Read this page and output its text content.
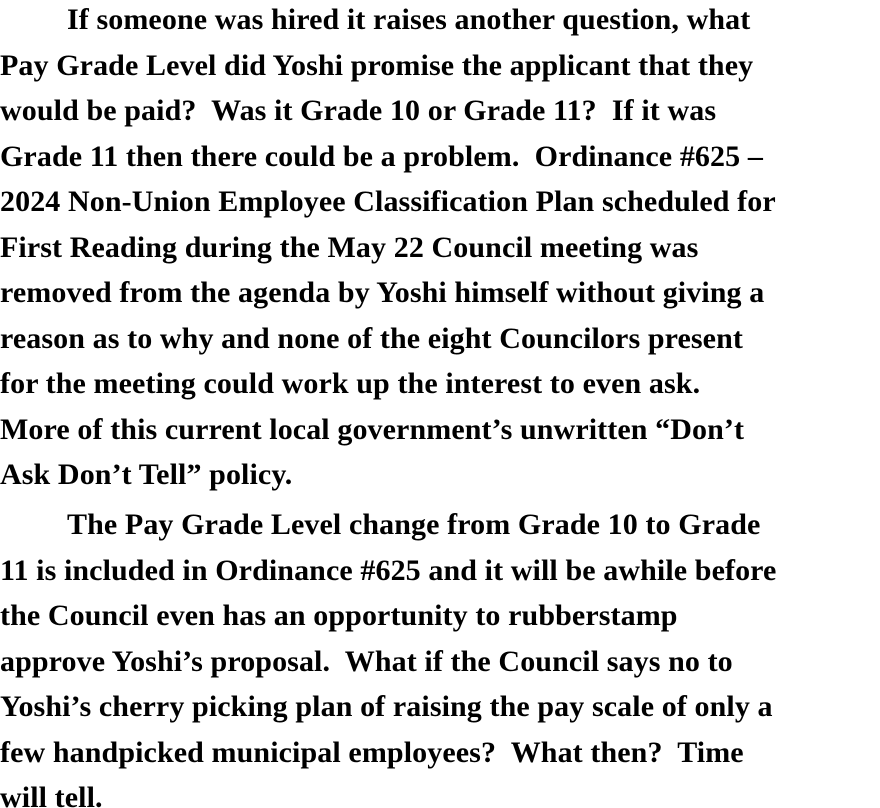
If someone was hired it raises another question, what
Pay Grade Level did Yoshi promise the applicant that they
would be paid?  Was it Grade 10 or Grade 11?  If it was
Grade 11 then there could be a problem.  Ordinance #625 –
2024 Non-Union Employee Classification Plan scheduled for
First Reading during the May 22 Council meeting was
removed from the agenda by Yoshi himself without giving a
reason as to why and none of the eight Councilors present
for the meeting could work up the interest to even ask.
More of this current local government’s unwritten “Don’t
Ask Don’t Tell” policy.
The Pay Grade Level change from Grade 10 to Grade
11 is included in Ordinance #625 and it will be awhile before
the Council even has an opportunity to rubberstamp
approve Yoshi’s proposal.  What if the Council says no to
Yoshi’s cherry picking plan of raising the pay scale of only a
few handpicked municipal employees?  What then?  Time
will tell.
